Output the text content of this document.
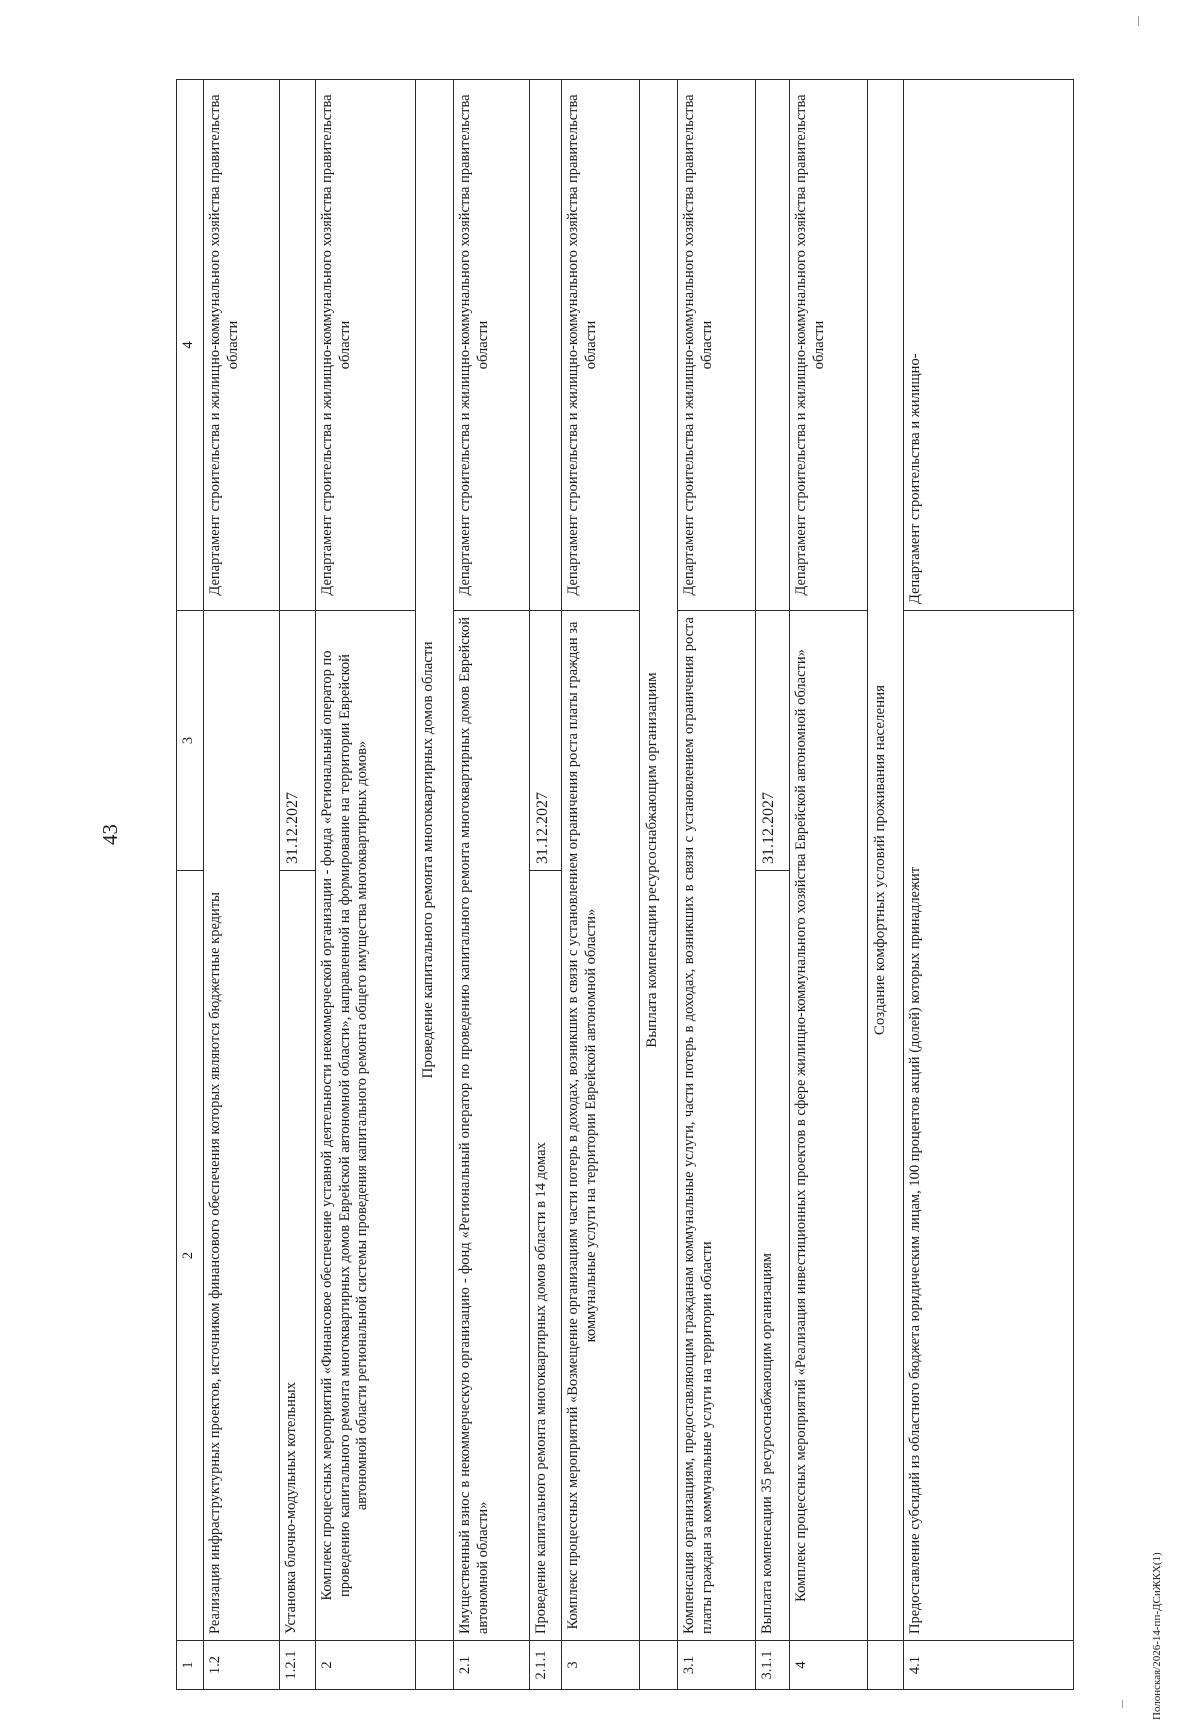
43
Полонская/2026-14-пп-ДСиЖКХ(1)
1	2	3	4
1.2	Реализация инфраструктурных проектов, источником финансового обеспечения которых являются бюджетные кредиты		Департамент строительства и жилищно-коммунального хозяйства правительства области
1.2.1	Установка блочно-модульных котельных	31.12.2027	
2	Комплекс процессных мероприятий «Финансовое обеспечение уставной деятельности некоммерческой организации - фонда «Региональный оператор по проведению капитального ремонта многоквартирных домов Еврейской автономной области», направленной на формирование на территории Еврейской автономной области региональной системы проведения капитального ремонта общего имущества многоквартирных домов»		Департамент строительства и жилищно-коммунального хозяйства правительства области
	Проведение капитального ремонта многоквартирных домов области		
2.1	Имущественный взнос в некоммерческую организацию - фонд «Региональный оператор по проведению капитального ремонта многоквартирных домов Еврейской автономной области»		Департамент строительства и жилищно-коммунального хозяйства правительства области
2.1.1	Проведение капитального ремонта многоквартирных домов области в 14 домах	31.12.2027	
3	Комплекс процессных мероприятий «Возмещение организациям части потерь в доходах, возникших в связи с установлением ограничения роста платы граждан за коммунальные услуги на территории Еврейской автономной области»		Департамент строительства и жилищно-коммунального хозяйства правительства области
	Выплата компенсации ресурсоснабжающим организациям		
3.1	Компенсация организациям, предоставляющим гражданам коммунальные услуги, части потерь в доходах, возникших в связи с установлением ограничения роста платы граждан за коммунальные услуги на территории области		Департамент строительства и жилищно-коммунального хозяйства правительства области
3.1.1	Выплата компенсации 35 ресурсоснабжающим организациям	31.12.2027	
4	Комплекс процессных мероприятий «Реализация инвестиционных проектов в сфере жилищно-коммунального хозяйства Еврейской автономной области»		Департамент строительства и жилищно-коммунального хозяйства правительства области
	Создание комфортных условий проживания населения		
4.1	Предоставление субсидий из областного бюджета юридическим лицам, 100 процентов акций (долей) которых принадлежит		Департамент строительства и жилищно-
